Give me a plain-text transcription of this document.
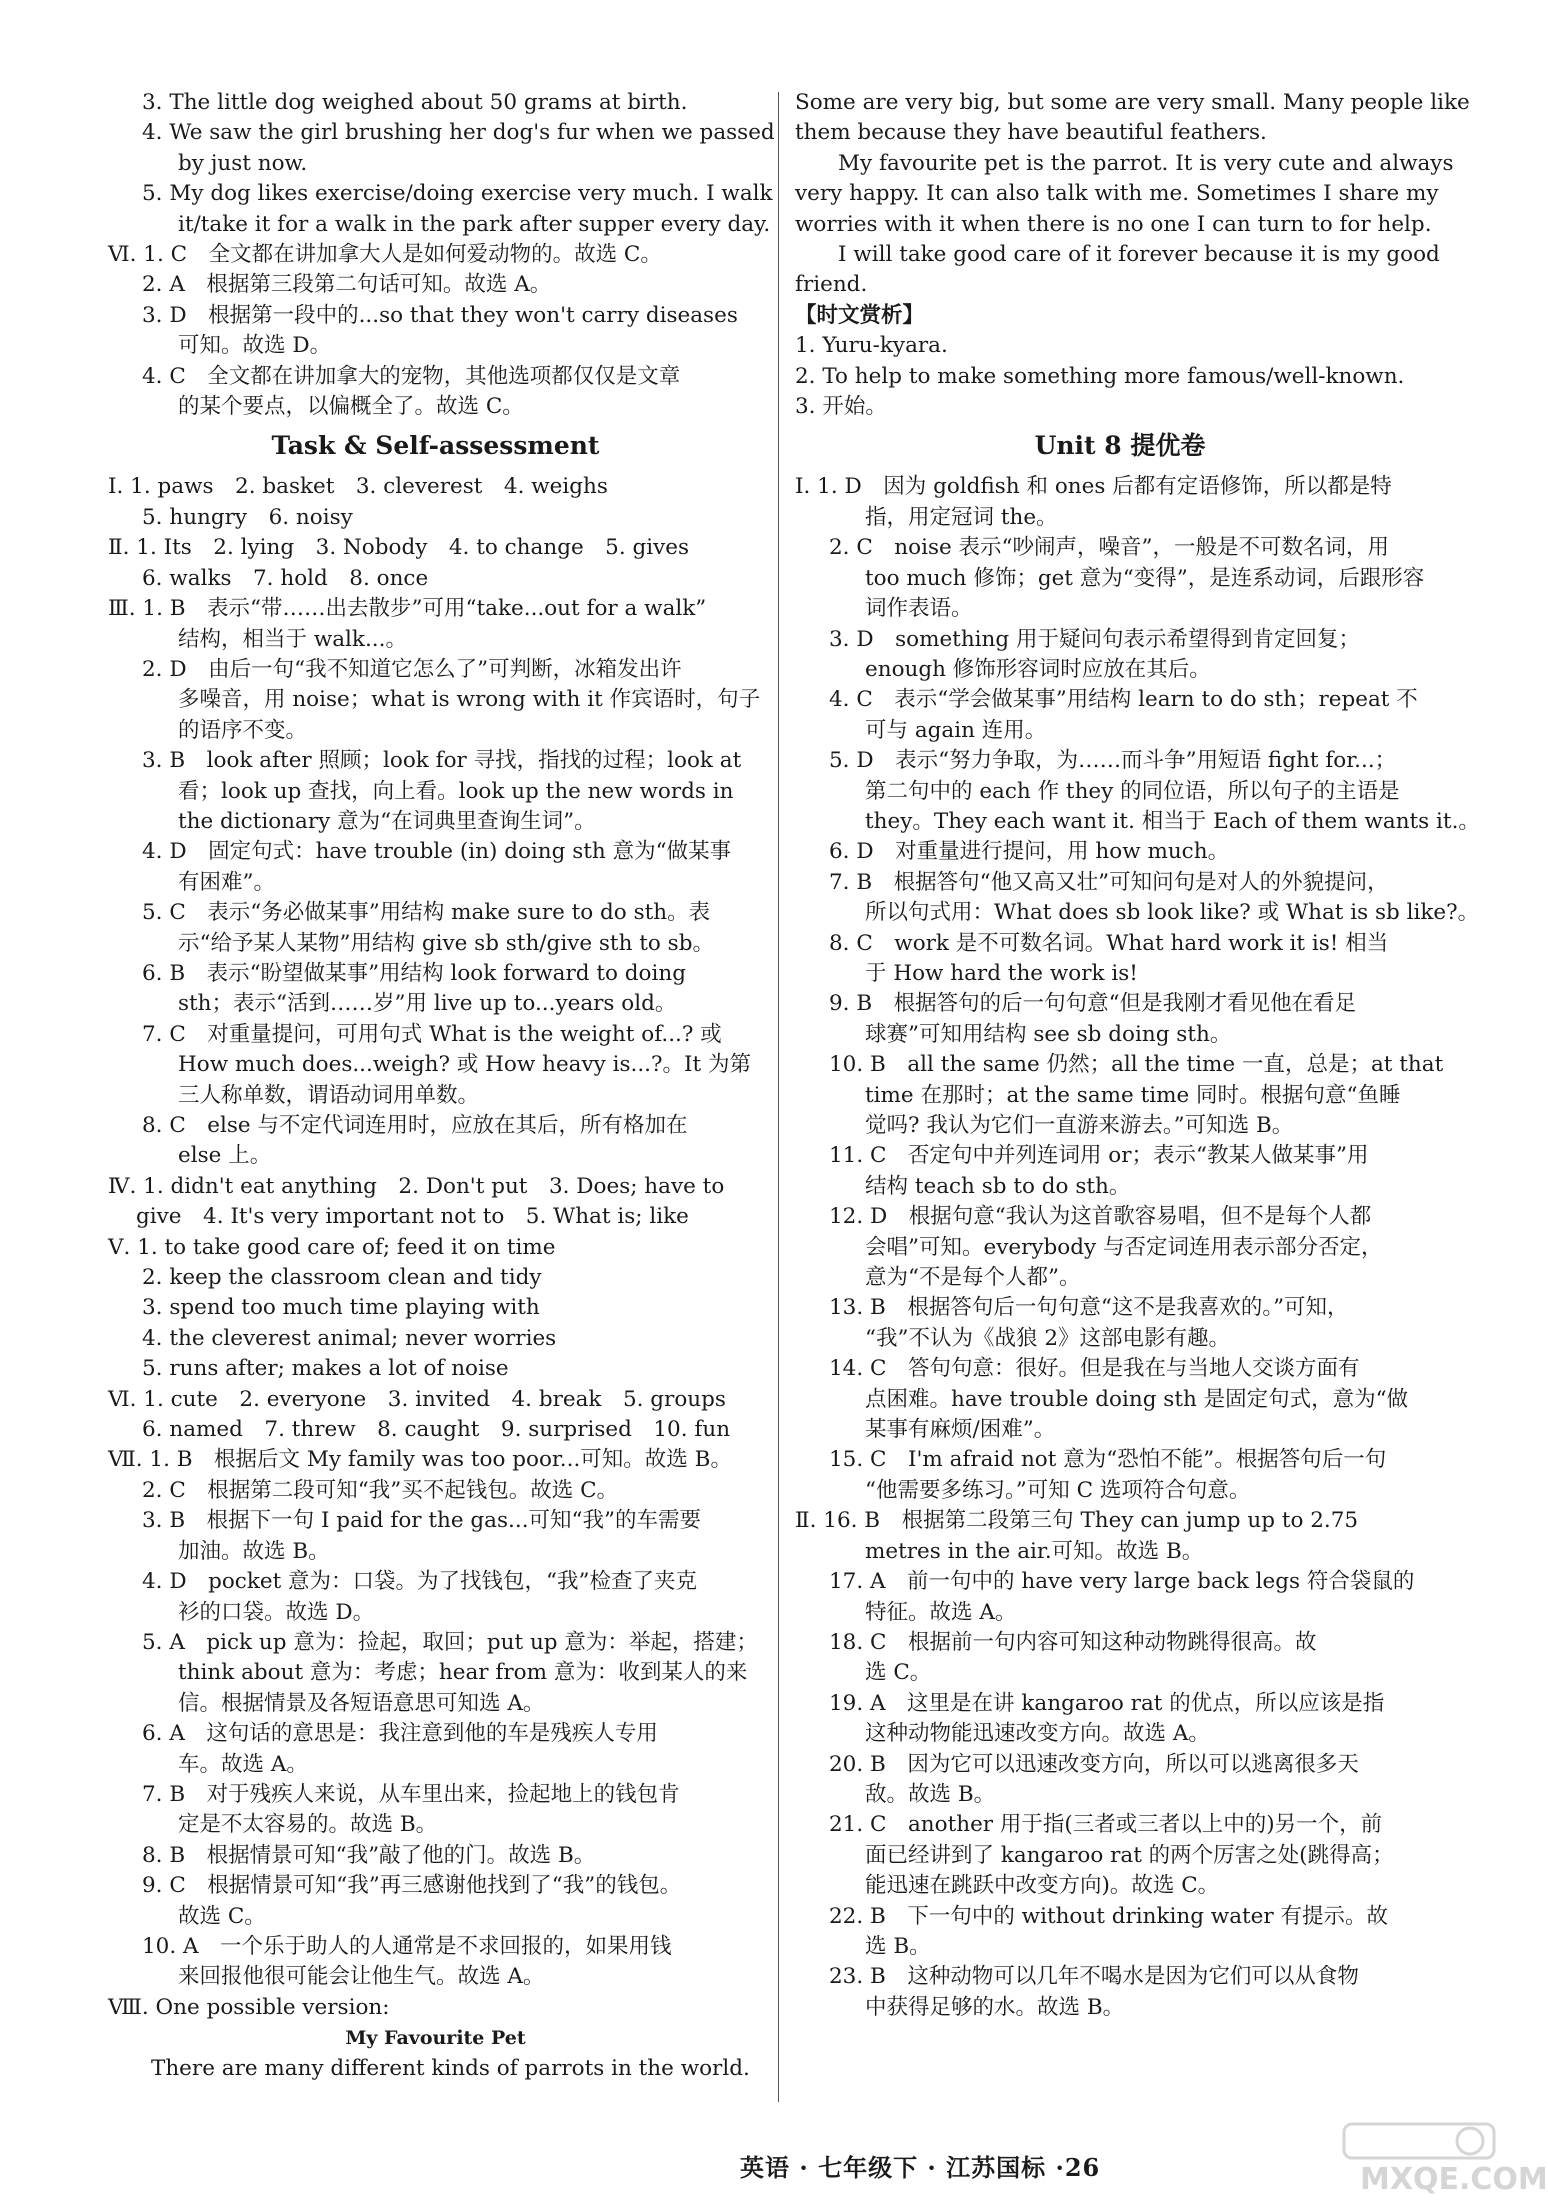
3. The little dog weighed about 50 grams at birth.
4. We saw the girl brushing her dog's fur when we passed
by just now.
5. My dog likes exercise/doing exercise very much. I walk
it/take it for a walk in the park after supper every day.
Ⅵ. 1. C　全文都在讲加拿大人是如何爱动物的。故选 C。
2. A　根据第三段第二句话可知。故选 A。
3. D　根据第一段中的...so that they won't carry diseases
可知。故选 D。
4. C　全文都在讲加拿大的宠物，其他选项都仅仅是文章
的某个要点，以偏概全了。故选 C。
Task & Self-assessment
Ⅰ. 1. paws　2. basket　3. cleverest　4. weighs
5. hungry　6. noisy
Ⅱ. 1. Its　2. lying　3. Nobody　4. to change　5. gives
6. walks　7. hold　8. once
Ⅲ. 1. B　表示“带……出去散步”可用“take...out for a walk”
结构，相当于 walk...。
2. D　由后一句“我不知道它怎么了”可判断，冰箱发出许
多噪音，用 noise；what is wrong with it 作宾语时，句子
的语序不变。
3. B　look after 照顾；look for 寻找，指找的过程；look at
看；look up 查找，向上看。look up the new words in
the dictionary 意为“在词典里查询生词”。
4. D　固定句式：have trouble (in) doing sth 意为“做某事
有困难”。
5. C　表示“务必做某事”用结构 make sure to do sth。表
示“给予某人某物”用结构 give sb sth/give sth to sb。
6. B　表示“盼望做某事”用结构 look forward to doing
sth；表示“活到……岁”用 live up to...years old。
7. C　对重量提问，可用句式 What is the weight of...? 或
How much does...weigh? 或 How heavy is...?。It 为第
三人称单数，谓语动词用单数。
8. C　else 与不定代词连用时，应放在其后，所有格加在
else 上。
Ⅳ. 1. didn't eat anything　2. Don't put　3. Does; have to
give　4. It's very important not to　5. What is; like
Ⅴ. 1. to take good care of; feed it on time
2. keep the classroom clean and tidy
3. spend too much time playing with
4. the cleverest animal; never worries
5. runs after; makes a lot of noise
Ⅵ. 1. cute　2. everyone　3. invited　4. break　5. groups
6. named　7. threw　8. caught　9. surprised　10. fun
Ⅶ. 1. B　根据后文 My family was too poor...可知。故选 B。
2. C　根据第二段可知“我”买不起钱包。故选 C。
3. B　根据下一句 I paid for the gas...可知“我”的车需要
加油。故选 B。
4. D　pocket 意为：口袋。为了找钱包，“我”检查了夹克
衫的口袋。故选 D。
5. A　pick up 意为：捡起，取回；put up 意为：举起，搭建；
think about 意为：考虑；hear from 意为：收到某人的来
信。根据情景及各短语意思可知选 A。
6. A　这句话的意思是：我注意到他的车是残疾人专用
车。故选 A。
7. B　对于残疾人来说，从车里出来，捡起地上的钱包肯
定是不太容易的。故选 B。
8. B　根据情景可知“我”敲了他的门。故选 B。
9. C　根据情景可知“我”再三感谢他找到了“我”的钱包。
故选 C。
10. A　一个乐于助人的人通常是不求回报的，如果用钱
来回报他很可能会让他生气。故选 A。
Ⅷ. One possible version:
My Favourite Pet
There are many different kinds of parrots in the world.
Some are very big, but some are very small. Many people like
them because they have beautiful feathers.
My favourite pet is the parrot. It is very cute and always
very happy. It can also talk with me. Sometimes I share my
worries with it when there is no one I can turn to for help.
I will take good care of it forever because it is my good
friend.
【时文赏析】
1. Yuru-kyara.
2. To help to make something more famous/well-known.
3. 开始。
Unit 8 提优卷
Ⅰ. 1. D　因为 goldfish 和 ones 后都有定语修饰，所以都是特
指，用定冠词 the。
2. C　noise 表示“吵闹声，噪音”，一般是不可数名词，用
too much 修饰；get 意为“变得”，是连系动词，后跟形容
词作表语。
3. D　something 用于疑问句表示希望得到肯定回复；
enough 修饰形容词时应放在其后。
4. C　表示“学会做某事”用结构 learn to do sth；repeat 不
可与 again 连用。
5. D　表示“努力争取，为……而斗争”用短语 fight for...；
第二句中的 each 作 they 的同位语，所以句子的主语是
they。They each want it. 相当于 Each of them wants it.。
6. D　对重量进行提问，用 how much。
7. B　根据答句“他又高又壮”可知问句是对人的外貌提问，
所以句式用：What does sb look like? 或 What is sb like?。
8. C　work 是不可数名词。What hard work it is! 相当
于 How hard the work is!
9. B　根据答句的后一句句意“但是我刚才看见他在看足
球赛”可知用结构 see sb doing sth。
10. B　all the same 仍然；all the time 一直，总是；at that
time 在那时；at the same time 同时。根据句意“鱼睡
觉吗? 我认为它们一直游来游去。”可知选 B。
11. C　否定句中并列连词用 or；表示“教某人做某事”用
结构 teach sb to do sth。
12. D　根据句意“我认为这首歌容易唱，但不是每个人都
会唱”可知。everybody 与否定词连用表示部分否定，
意为“不是每个人都”。
13. B　根据答句后一句句意“这不是我喜欢的。”可知，
“我”不认为《战狼 2》这部电影有趣。
14. C　答句句意：很好。但是我在与当地人交谈方面有
点困难。have trouble doing sth 是固定句式，意为“做
某事有麻烦/困难”。
15. C　I'm afraid not 意为“恐怕不能”。根据答句后一句
“他需要多练习。”可知 C 选项符合句意。
Ⅱ. 16. B　根据第二段第三句 They can jump up to 2.75
metres in the air.可知。故选 B。
17. A　前一句中的 have very large back legs 符合袋鼠的
特征。故选 A。
18. C　根据前一句内容可知这种动物跳得很高。故
选 C。
19. A　这里是在讲 kangaroo rat 的优点，所以应该是指
这种动物能迅速改变方向。故选 A。
20. B　因为它可以迅速改变方向，所以可以逃离很多天
敌。故选 B。
21. C　another 用于指(三者或三者以上中的)另一个，前
面已经讲到了 kangaroo rat 的两个厉害之处(跳得高；
能迅速在跳跃中改变方向)。故选 C。
22. B　下一句中的 without drinking water 有提示。故
选 B。
23. B　这种动物可以几年不喝水是因为它们可以从食物
中获得足够的水。故选 B。
英语 · 七年级下 · 江苏国标 ·26	MXQE.COM
